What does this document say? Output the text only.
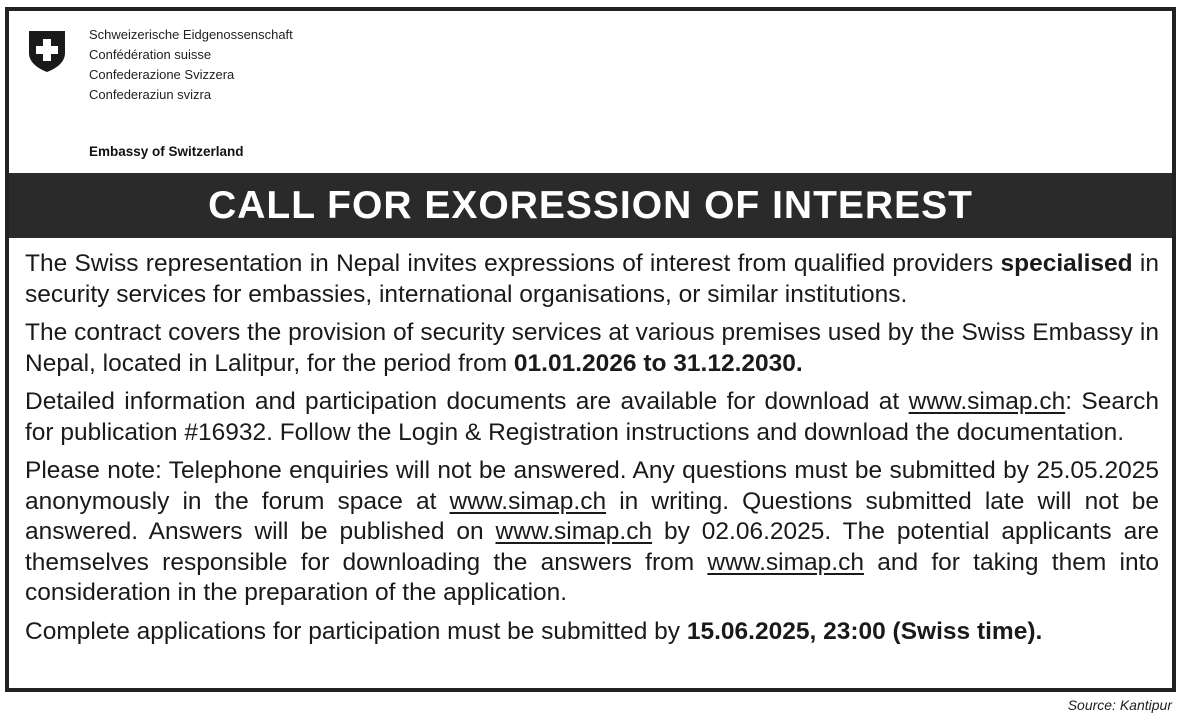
Schweizerische Eidgenossenschaft
Confédération suisse
Confederazione Svizzera
Confederaziun svizra
Embassy of Switzerland
CALL FOR EXORESSION OF INTEREST

The Swiss representation in Nepal invites expressions of interest from qualified providers specialised in security services for embassies, international organisations, or similar institutions.

The contract covers the provision of security services at various premises used by the Swiss Embassy in Nepal, located in Lalitpur, for the period from 01.01.2026 to 31.12.2030.

Detailed information and participation documents are available for download at www.simap.ch: Search for publication #16932. Follow the Login & Registration instructions and download the documentation.

Please note: Telephone enquiries will not be answered. Any questions must be submitted by 25.05.2025 anonymously in the forum space at www.simap.ch in writing. Questions submitted late will not be answered. Answers will be published on www.simap.ch by 02.06.2025. The potential applicants are themselves responsible for downloading the answers from www.simap.ch and for taking them into consideration in the preparation of the application.

Complete applications for participation must be submitted by 15.06.2025, 23:00 (Swiss time).

Source: Kantipur
